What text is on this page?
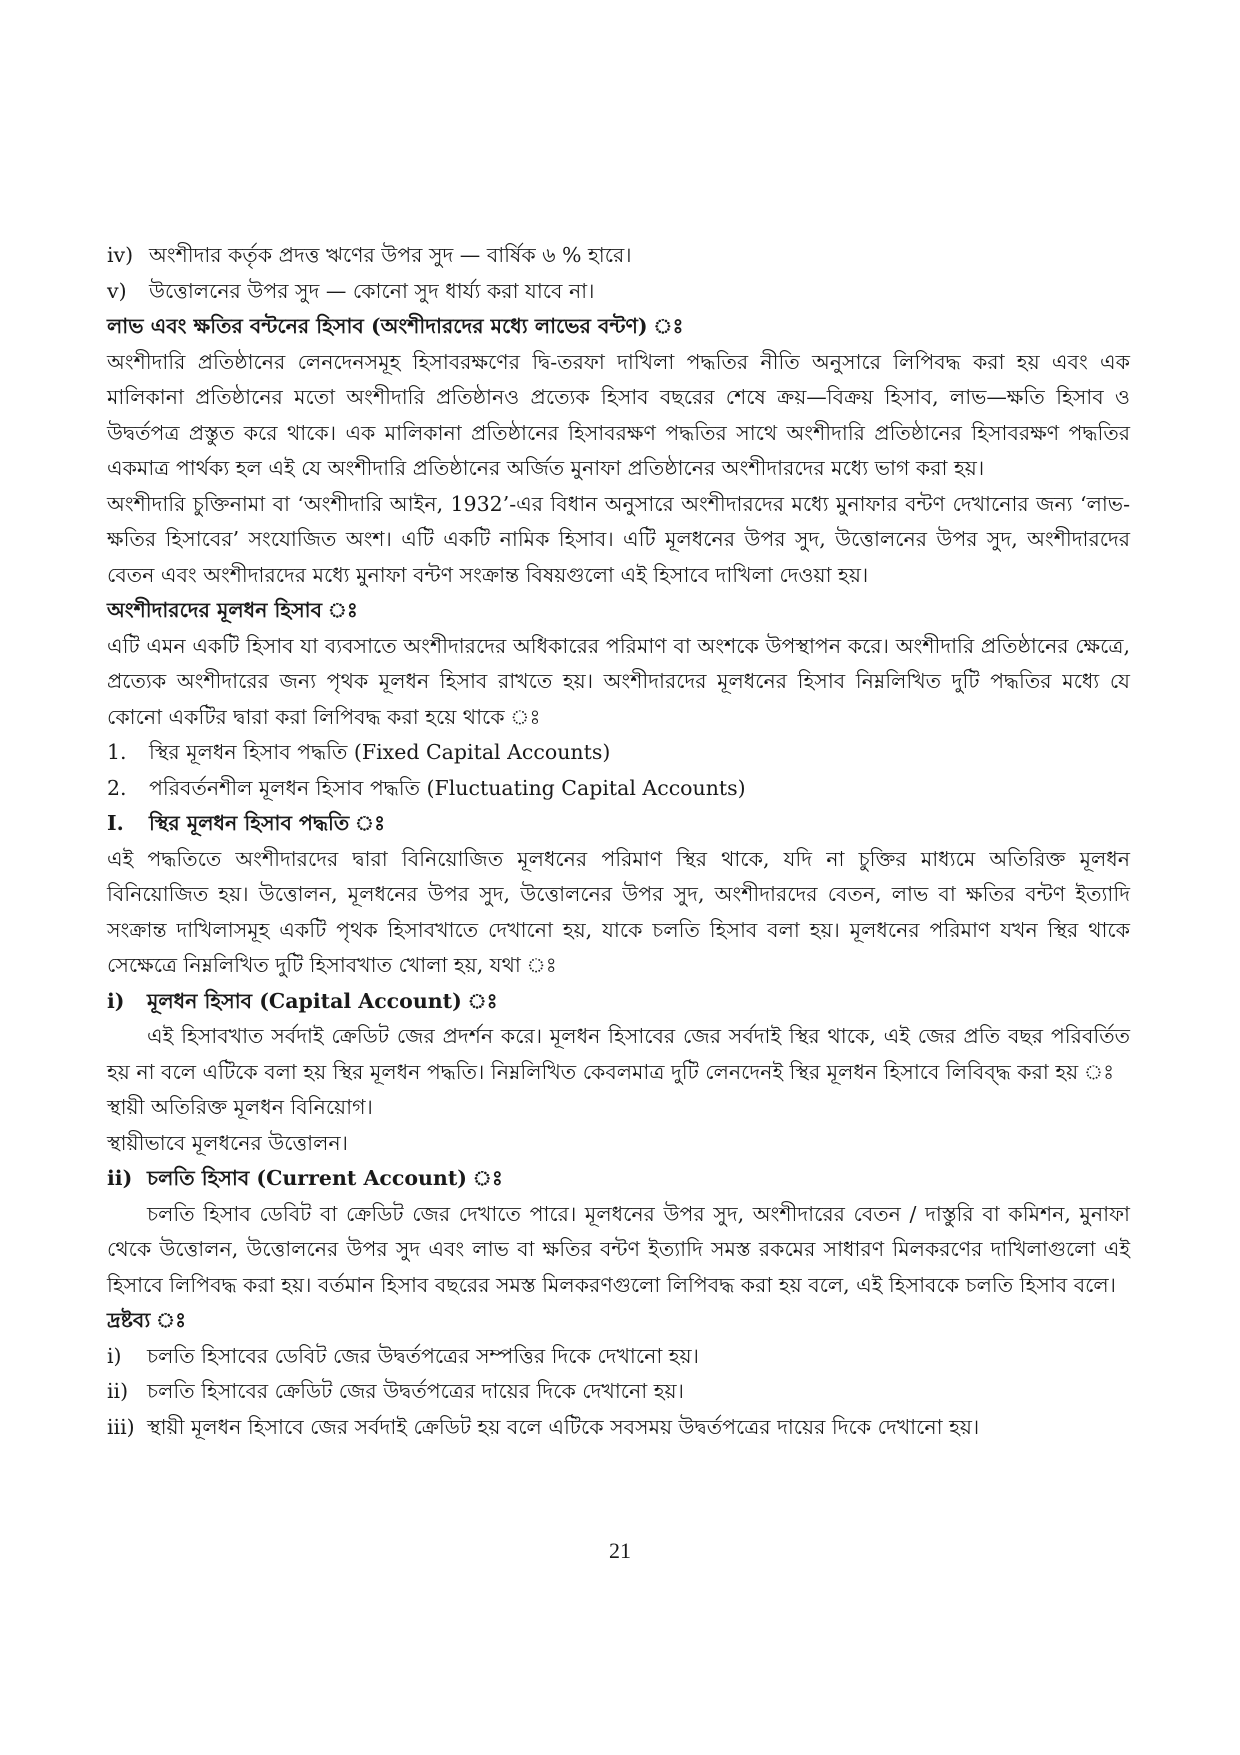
iv) অংশীদার কর্তৃক প্রদত্ত ঋণের উপর সুদ — বার্ষিক ৬ % হারে।
v)	উত্তোলনের উপর সুদ — কোনো সুদ ধার্য্য করা যাবে না।

লাভ এবং ক্ষতির বন্টনের হিসাব (অংশীদারদের মধ্যে লাভের বন্টণ) ঃ

অংশীদারি প্রতিষ্ঠানের লেনদেনসমূহ হিসাবরক্ষণের দ্বি-তরফা দাখিলা পদ্ধতির নীতি অনুসারে লিপিবদ্ধ করা হয় এবং এক মালিকানা প্রতিষ্ঠানের মতো অংশীদারি প্রতিষ্ঠানও প্রত্যেক হিসাব বছরের শেষে ক্রয়—বিক্রয় হিসাব, লাভ—ক্ষতি হিসাব ও উদ্বর্তপত্র প্রস্তুত করে থাকে। এক মালিকানা প্রতিষ্ঠানের হিসাবরক্ষণ পদ্ধতির সাথে অংশীদারি প্রতিষ্ঠানের হিসাবরক্ষণ পদ্ধতির একমাত্র পার্থক্য হল এই যে অংশীদারি প্রতিষ্ঠানের অর্জিত মুনাফা প্রতিষ্ঠানের অংশীদারদের মধ্যে ভাগ করা হয়।

অংশীদারি চুক্তিনামা বা ‘অংশীদারি আইন, 1932’-এর বিধান অনুসারে অংশীদারদের মধ্যে মুনাফার বন্টণ দেখানোর জন্য ‘লাভ-ক্ষতির হিসাবের’ সংযোজিত অংশ। এটি একটি নামিক হিসাব। এটি মূলধনের উপর সুদ, উত্তোলনের উপর সুদ, অংশীদারদের বেতন এবং অংশীদারদের মধ্যে মুনাফা বন্টণ সংক্রান্ত বিষয়গুলো এই হিসাবে দাখিলা দেওয়া হয়।

অংশীদারদের মূলধন হিসাব ঃ

এটি এমন একটি হিসাব যা ব্যবসাতে অংশীদারদের অধিকারের পরিমাণ বা অংশকে উপস্থাপন করে। অংশীদারি প্রতিষ্ঠানের ক্ষেত্রে, প্রত্যেক অংশীদারের জন্য পৃথক মূলধন হিসাব রাখতে হয়। অংশীদারদের মূলধনের হিসাব নিম্নলিখিত দুটি পদ্ধতির মধ্যে যে কোনো একটির দ্বারা করা লিপিবদ্ধ করা হয়ে থাকে ঃ

1.	স্থির মূলধন হিসাব পদ্ধতি (Fixed Capital Accounts)
2.	পরিবর্তনশীল মূলধন হিসাব পদ্ধতি (Fluctuating Capital Accounts)
I.	স্থির মূলধন হিসাব পদ্ধতি ঃ

এই পদ্ধতিতে অংশীদারদের দ্বারা বিনিয়োজিত মূলধনের পরিমাণ স্থির থাকে, যদি না চুক্তির মাধ্যমে অতিরিক্ত মূলধন বিনিয়োজিত হয়। উত্তোলন, মূলধনের উপর সুদ, উত্তোলনের উপর সুদ, অংশীদারদের বেতন, লাভ বা ক্ষতির বন্টণ ইত্যাদি সংক্রান্ত দাখিলাসমূহ একটি পৃথক হিসাবখাতে দেখানো হয়, যাকে চলতি হিসাব বলা হয়। মূলধনের পরিমাণ যখন স্থির থাকে সেক্ষেত্রে নিম্নলিখিত দুটি হিসাবখাত খোলা হয়, যথা ঃ

i)	মূলধন হিসাব (Capital Account) ঃ

এই হিসাবখাত সর্বদাই ক্রেডিট জের প্রদর্শন করে। মূলধন হিসাবের জের সর্বদাই স্থির থাকে, এই জের প্রতি বছর পরিবর্তিত হয় না বলে এটিকে বলা হয় স্থির মূলধন পদ্ধতি। নিম্নলিখিত কেবলমাত্র দুটি লেনদেনই স্থির মূলধন হিসাবে লিবিব্দ্ধ করা হয় ঃ

স্থায়ী অতিরিক্ত মূলধন বিনিয়োগ।

স্থায়ীভাবে মূলধনের উত্তোলন।

ii) চলতি হিসাব (Current Account) ঃ

চলতি হিসাব ডেবিট বা ক্রেডিট জের দেখাতে পারে। মূলধনের উপর সুদ, অংশীদারের বেতন / দাস্তুরি বা কমিশন, মুনাফা থেকে উত্তোলন, উত্তোলনের উপর সুদ এবং লাভ বা ক্ষতির বন্টণ ইত্যাদি সমস্ত রকমের সাধারণ মিলকরণের দাখিলাগুলো এই হিসাবে লিপিবদ্ধ করা হয়। বর্তমান হিসাব বছরের সমস্ত মিলকরণগুলো লিপিবদ্ধ করা হয় বলে, এই হিসাবকে চলতি হিসাব বলে।

দ্রষ্টব্য ঃ

i)	চলতি হিসাবের ডেবিট জের উদ্বর্তপত্রের সম্পত্তির দিকে দেখানো হয়।
ii) চলতি হিসাবের ক্রেডিট জের উদ্বর্তপত্রের দায়ের দিকে দেখানো হয়।
iii) স্থায়ী মূলধন হিসাবে জের সর্বদাই ক্রেডিট হয় বলে এটিকে সবসময় উদ্বর্তপত্রের দায়ের দিকে দেখানো হয়।
21
